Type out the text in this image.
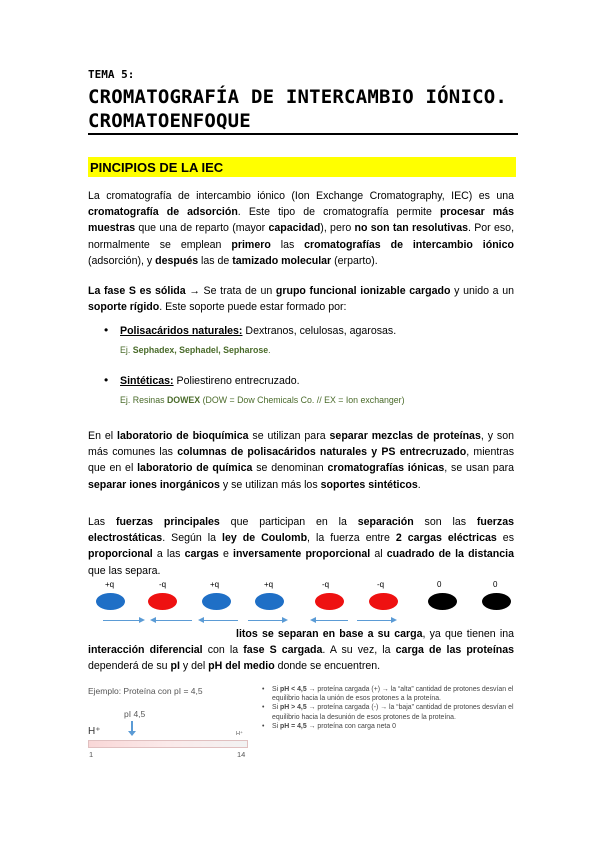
TEMA 5:
CROMATOGRAFÍA DE INTERCAMBIO IÓNICO.
CROMATOENFOQUE
PINCIPIOS DE LA IEC
La cromatografía de intercambio iónico (Ion Exchange Cromatography, IEC) es una cromatografía de adsorción. Este tipo de cromatografía permite procesar más muestras que una de reparto (mayor capacidad), pero no son tan resolutivas. Por eso, normalmente se emplean primero las cromatografías de intercambio iónico (adsorción), y después las de tamizado molecular (erparto).
La fase S es sólida → Se trata de un grupo funcional ionizable cargado y unido a un soporte rígido. Este soporte puede estar formado por:
• Polisacáridos naturales: Dextranos, celulosas, agarosas.
Ej. Sephadex, Sephadel, Sepharose.
• Sintéticas: Poliestireno entrecruzado.
Ej. Resinas DOWEX (DOW = Dow Chemicals Co. // EX = Ion exchanger)
En el laboratorio de bioquímica se utilizan para separar mezclas de proteínas, y son más comunes las columnas de polisacáridos naturales y PS entrecruzado, mientras que en el laboratorio de química se denominan cromatografías iónicas, se usan para separar iones inorgánicos y se utilizan más los soportes sintéticos.
Las fuerzas principales que participan en la separación son las fuerzas electrostáticas. Según la ley de Coulomb, la fuerza entre 2 cargas eléctricas es proporcional a las cargas e inversamente proporcional al cuadrado de la distancia que las separa.
+q	-q	+q	+q	-q	-q	0	0
litos se separan en base a su carga, ya que tienen ina interacción diferencial con la fase S cargada. A su vez, la carga de las proteínas dependerá de su pI y del pH del medio donde se encuentren.
Ejemplo: Proteína con pI = 4,5
pI 4,5
H⁺	H⁺
1	14
•	Si pH < 4,5 → proteína cargada (+) → la “alta” cantidad de protones desvían el equilibrio hacia la unión de esos protones a la proteína.
•	Si pH > 4,5 → proteína cargada (-) → la “baja” cantidad de protones desvían el equilibrio hacia la desunión de esos protones de la proteína.
•	Si pH = 4,5 → proteína con carga neta 0
